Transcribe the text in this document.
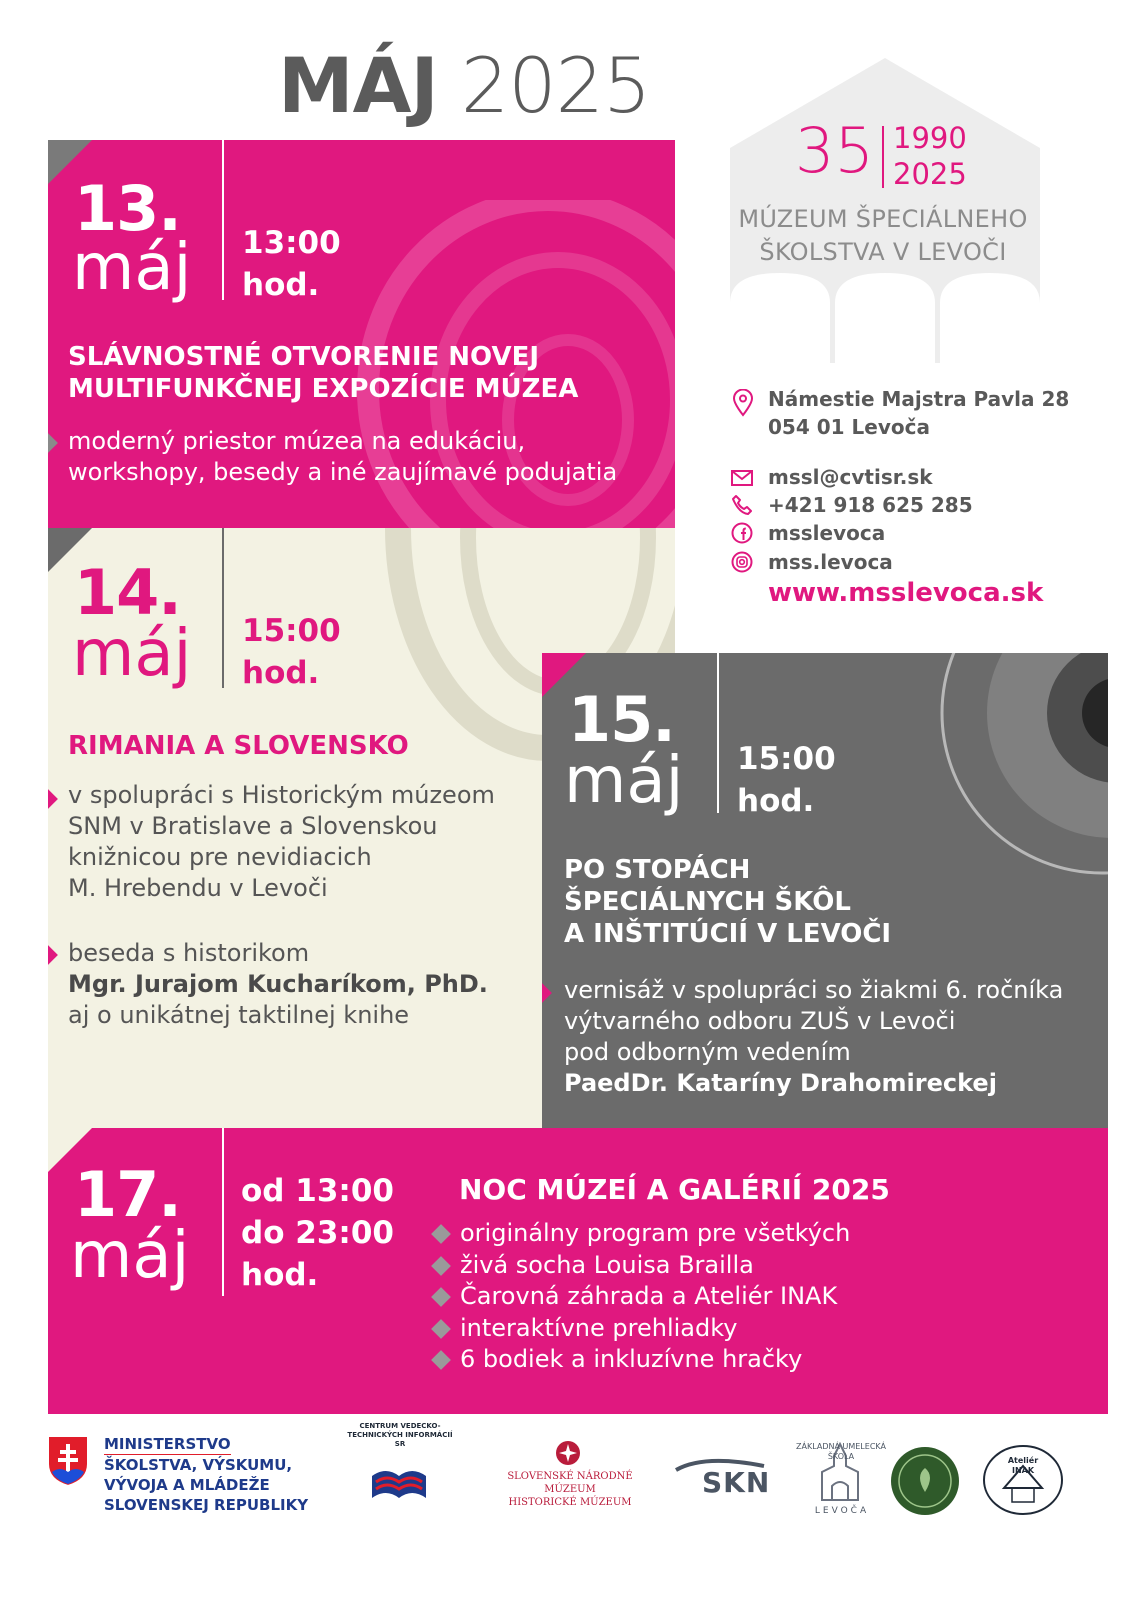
MÁJ 2025
13.
máj 13:00
hod.
SLÁVNOSTNÉ OTVORENIE NOVEJ
MULTIFUNKČNEJ EXPOZÍCIE MÚZEA
moderný priestor múzea na edukáciu,
workshopy, besedy a iné zaujímavé podujatia
14.
máj 15:00
hod.
RIMANIA A SLOVENSKO
v spolupráci s Historickým múzeom
SNM v Bratislave a Slovenskou
knižnicou pre nevidiacich
M. Hrebendu v Levoči
beseda s historikom
Mgr. Jurajom Kucharíkom, PhD.
aj o unikátnej taktilnej knihe
35 1990
2025
MÚZEUM ŠPECIÁLNEHO
ŠKOLSTVA V LEVOČI
Námestie Majstra Pavla 28
054 01 Levoča
mssl@cvtisr.sk
+421 918 625 285
msslevoca
mss.levoca
www.msslevoca.sk
15.
máj 15:00
hod.
PO STOPÁCH
ŠPECIÁLNYCH ŠKÔL
A INŠTITÚCIÍ V LEVOČI
vernisáž v spolupráci so žiakmi 6. ročníka
výtvarného odboru ZUŠ v Levoči
pod odborným vedením
PaedDr. Kataríny Drahomireckej
17.
máj
od 13:00
do 23:00
hod.
NOC MÚZEÍ A GALÉRIÍ 2025
originálny program pre všetkých
živá socha Louisa Brailla
Čarovná záhrada a Ateliér INAK
interaktívne prehliadky
6 bodiek a inkluzívne hračky
MINISTERSTVO
ŠKOLSTVA, VÝSKUMU,
VÝVOJA A MLÁDEŽE
SLOVENSKEJ REPUBLIKY
CENTRUM VEDECKO-TECHNICKÝCH INFORMÁCIÍ SR
SLOVENSKÉ NÁRODNÉ MÚZEUM
HISTORICKÉ MÚZEUM
SKN
ZÁKLADNÁ UMELECKÁ ŠKOLA
LEVOČA
Ateliér
INAK
